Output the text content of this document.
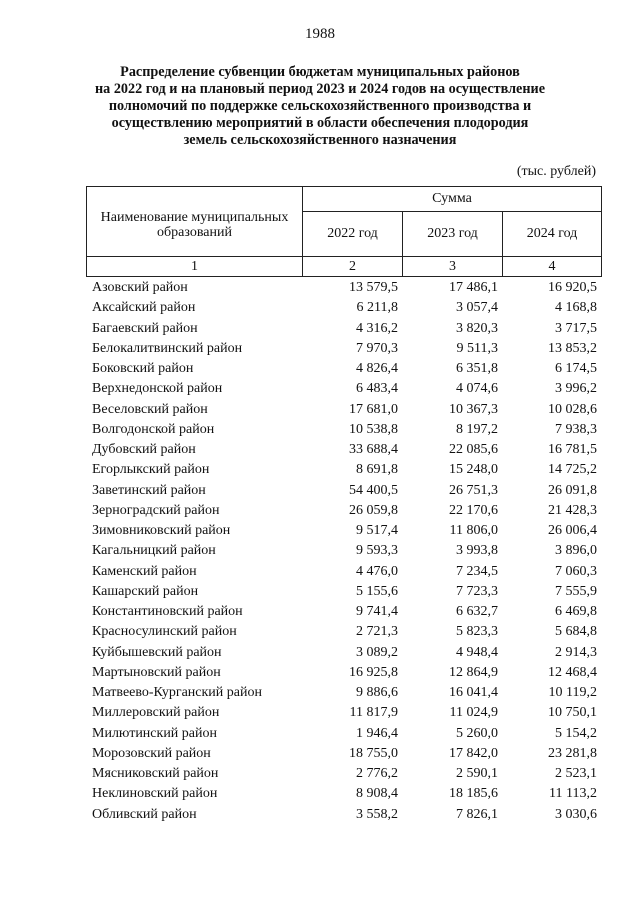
1988
Распределение субвенции бюджетам муниципальных районов
на 2022 год и на плановый период 2023 и 2024 годов на осуществление
полномочий по поддержке сельскохозяйственного производства и
осуществлению мероприятий в области обеспечения плодородия
земель сельскохозяйственного назначения
(тыс. рублей)
Наименование муниципальных образований	Сумма		
	2022 год	2023 год	2024 год
1	2	3	4
Азовский район	13 579,5	17 486,1	16 920,5
Аксайский район	6 211,8	3 057,4	4 168,8
Багаевский район	4 316,2	3 820,3	3 717,5
Белокалитвинский район	7 970,3	9 511,3	13 853,2
Боковский район	4 826,4	6 351,8	6 174,5
Верхнедонской район	6 483,4	4 074,6	3 996,2
Веселовский район	17 681,0	10 367,3	10 028,6
Волгодонской район	10 538,8	8 197,2	7 938,3
Дубовский район	33 688,4	22 085,6	16 781,5
Егорлыкский район	8 691,8	15 248,0	14 725,2
Заветинский район	54 400,5	26 751,3	26 091,8
Зерноградский район	26 059,8	22 170,6	21 428,3
Зимовниковский район	9 517,4	11 806,0	26 006,4
Кагальницкий район	9 593,3	3 993,8	3 896,0
Каменский район	4 476,0	7 234,5	7 060,3
Кашарский район	5 155,6	7 723,3	7 555,9
Константиновский район	9 741,4	6 632,7	6 469,8
Красносулинский район	2 721,3	5 823,3	5 684,8
Куйбышевский район	3 089,2	4 948,4	2 914,3
Мартыновский район	16 925,8	12 864,9	12 468,4
Матвеево-Курганский район	9 886,6	16 041,4	10 119,2
Миллеровский район	11 817,9	11 024,9	10 750,1
Милютинский район	1 946,4	5 260,0	5 154,2
Морозовский район	18 755,0	17 842,0	23 281,8
Мясниковский район	2 776,2	2 590,1	2 523,1
Неклиновский район	8 908,4	18 185,6	11 113,2
Обливский район	3 558,2	7 826,1	3 030,6
